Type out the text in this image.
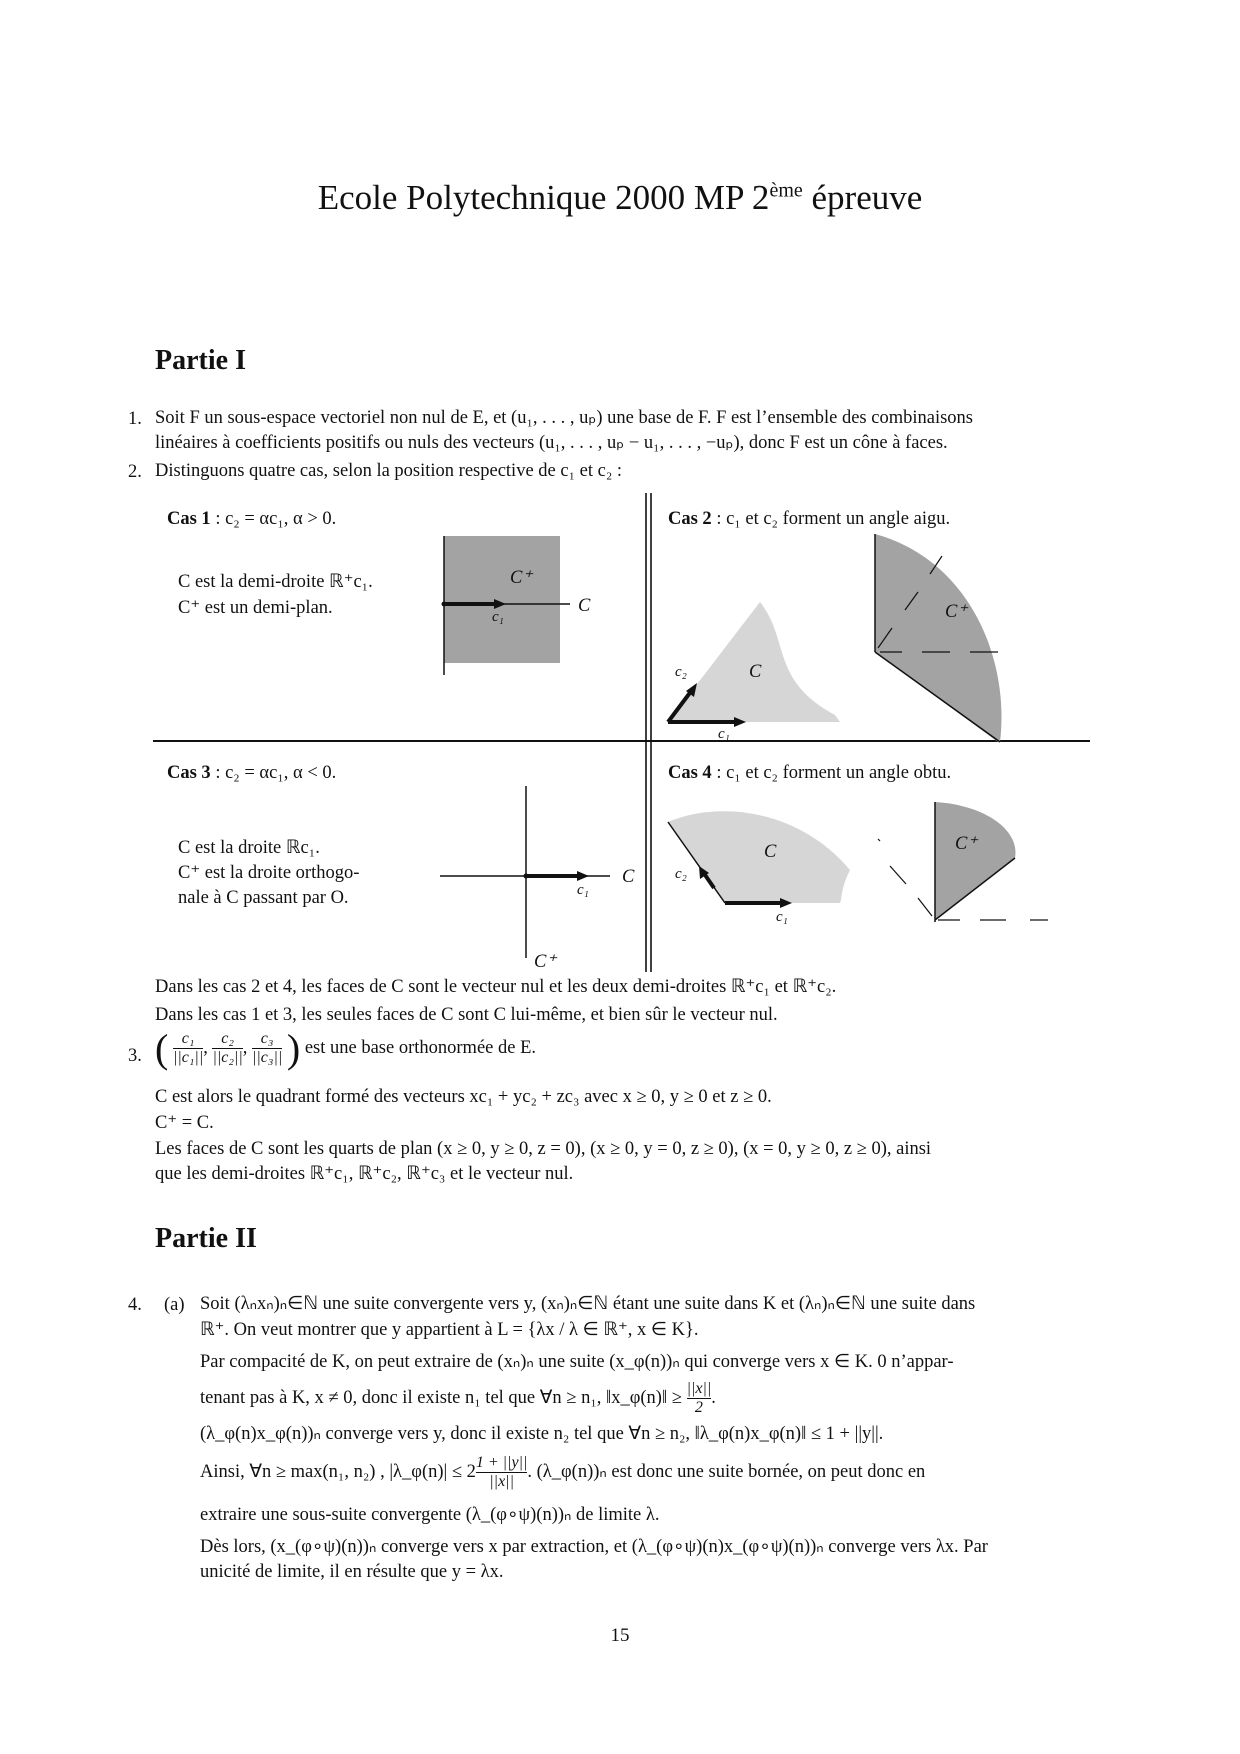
Ecole Polytechnique 2000 MP 2ème épreuve
Partie I
1. Soit F un sous-espace vectoriel non nul de E, et (u₁, . . . , uₚ) une base de F. F est l’ensemble des combinaisons
linéaires à coefficients positifs ou nuls des vecteurs (u₁, . . . , uₚ − u₁, . . . , −uₚ), donc F est un cône à faces.
2. Distinguons quatre cas, selon la position respective de c₁ et c₂ :
Cas 1 : c₂ = αc₁, α > 0.
C est la demi-droite ℝ⁺c₁.
C⁺ est un demi-plan.
C⁺
c₁
C
Cas 2 : c₁ et c₂ forment un angle aigu.
c₂	C
c₁
C⁺
Cas 3 : c₂ = αc₁, α < 0.
C est la droite ℝc₁.
C⁺ est la droite orthogo-
nale à C passant par O.	c₁
C
C⁺
Cas 4 : c₁ et c₂ forment un angle obtu.
C
c₂
c₁
C⁺
Dans les cas 2 et 4, les faces de C sont le vecteur nul et les deux demi-droites ℝ⁺c₁ et ℝ⁺c₂.
Dans les cas 1 et 3, les seules faces de C sont C lui-même, et bien sûr le vecteur nul.
3. ( $\frac{\text{c₁}}{\text{||c₁||}}$ , $\frac{\text{c₂}}{\text{||c₂||}}$ , $\frac{\text{c₃}}{\text{||c₃||}}$ ) est une base orthonormée de E.
C est alors le quadrant formé des vecteurs xc₁ + yc₂ + zc₃ avec x ≥ 0, y ≥ 0 et z ≥ 0.
C⁺ = C.
Les faces de C sont les quarts de plan (x ≥ 0, y ≥ 0, z = 0), (x ≥ 0, y = 0, z ≥ 0), (x = 0, y ≥ 0, z ≥ 0), ainsi
que les demi-droites ℝ⁺c₁, ℝ⁺c₂, ℝ⁺c₃ et le vecteur nul.
Partie II
4. (a) Soit (λₙxₙ)ₙ∈ℕ une suite convergente vers y, (xₙ)ₙ∈ℕ étant une suite dans K et (λₙ)ₙ∈ℕ une suite dans
ℝ⁺. On veut montrer que y appartient à L = {λx / λ ∈ ℝ⁺, x ∈ K}.
Par compacité de K, on peut extraire de (xₙ)ₙ une suite (x_φ(n))ₙ qui converge vers x ∈ K. 0 n’appar-
tenant pas à K, x ≠ 0, donc il existe n₁ tel que ∀n ≥ n₁, ‖x_φ(n)‖ ≥ $\frac{||x||}{2}$ .
(λ_φ(n)x_φ(n))ₙ converge vers y, donc il existe n₂ tel que ∀n ≥ n₂, ‖λ_φ(n)x_φ(n)‖ ≤ 1 + ||y||.
Ainsi, ∀n ≥ max(n₁, n₂) , |λ_φ(n)| ≤ $2 \frac{1 + ||y||}{||x||}$ . (λ_φ(n))ₙ est donc une suite bornée, on peut donc en
extraire une sous-suite convergente (λ_(φ∘ψ)(n))ₙ de limite λ.
Dès lors, (x_(φ∘ψ)(n))ₙ converge vers x par extraction, et (λ_(φ∘ψ)(n)x_(φ∘ψ)(n))ₙ converge vers λx. Par
unicité de limite, il en résulte que y = λx.
15
